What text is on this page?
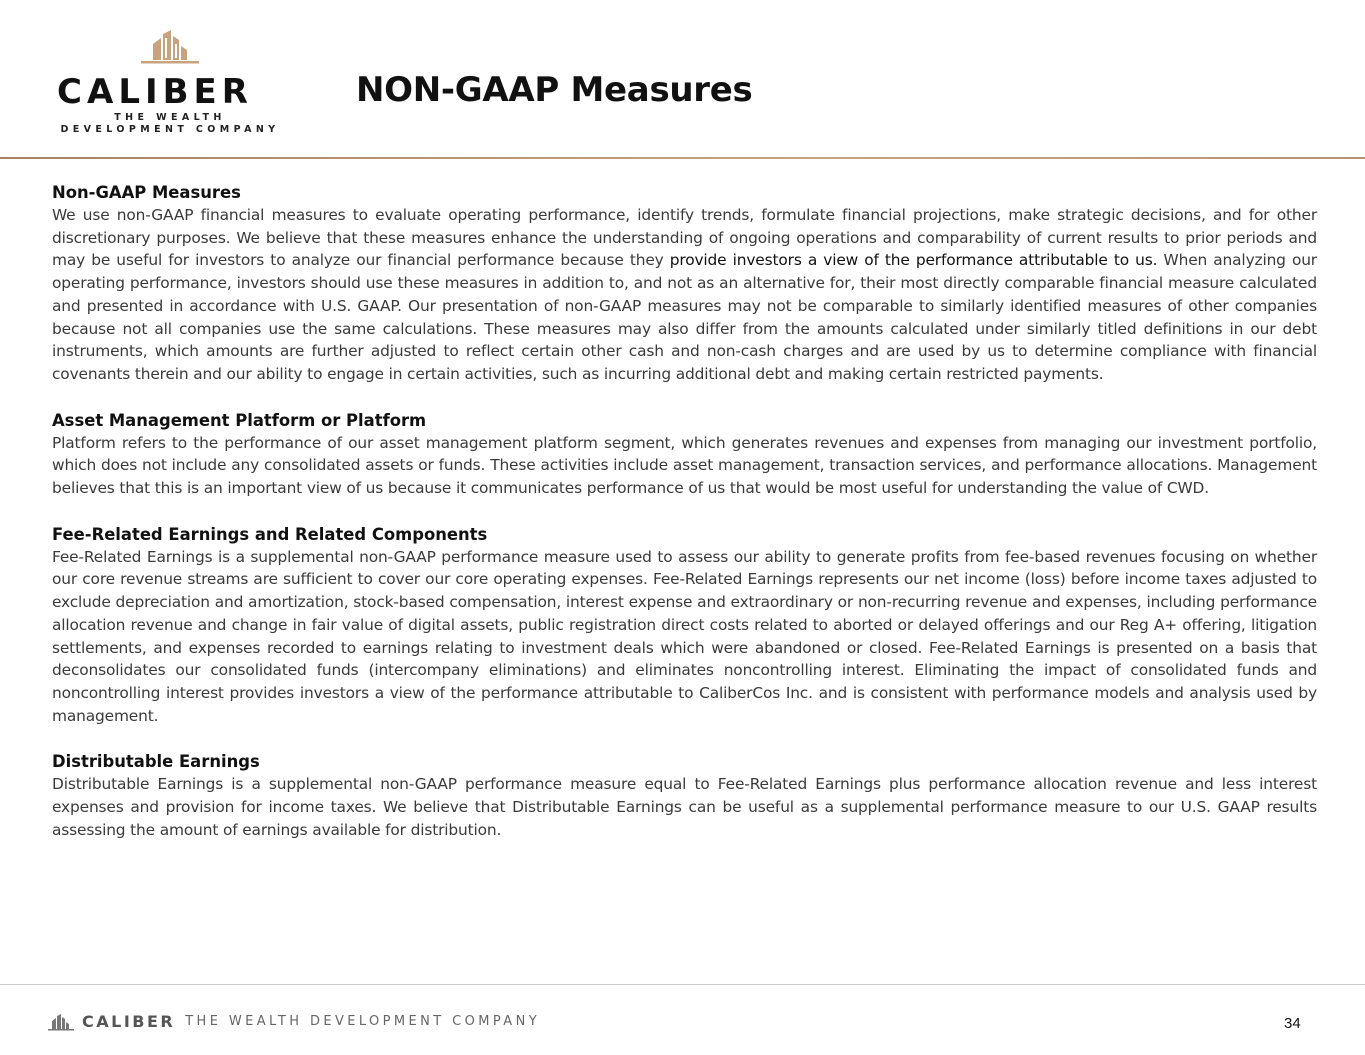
CALIBER
THE WEALTH DEVELOPMENT COMPANY
NON-GAAP Measures
Non-GAAP Measures

We use non-GAAP financial measures to evaluate operating performance, identify trends, formulate financial projections, make strategic decisions, and for other discretionary purposes. We believe that these measures enhance the understanding of ongoing operations and comparability of current results to prior periods and may be useful for investors to analyze our financial performance because they provide investors a view of the performance attributable to us. When analyzing our operating performance, investors should use these measures in addition to, and not as an alternative for, their most directly comparable financial measure calculated and presented in accordance with U.S. GAAP. Our presentation of non-GAAP measures may not be comparable to similarly identified measures of other companies because not all companies use the same calculations. These measures may also differ from the amounts calculated under similarly titled definitions in our debt instruments, which amounts are further adjusted to reflect certain other cash and non-cash charges and are used by us to determine compliance with financial covenants therein and our ability to engage in certain activities, such as incurring additional debt and making certain restricted payments.

Asset Management Platform or Platform

Platform refers to the performance of our asset management platform segment, which generates revenues and expenses from managing our investment portfolio, which does not include any consolidated assets or funds. These activities include asset management, transaction services, and performance allocations. Management believes that this is an important view of us because it communicates performance of us that would be most useful for understanding the value of CWD.

Fee-Related Earnings and Related Components

Fee-Related Earnings is a supplemental non-GAAP performance measure used to assess our ability to generate profits from fee-based revenues focusing on whether our core revenue streams are sufficient to cover our core operating expenses. Fee-Related Earnings represents our net income (loss) before income taxes adjusted to exclude depreciation and amortization, stock-based compensation, interest expense and extraordinary or non-recurring revenue and expenses, including performance allocation revenue and change in fair value of digital assets, public registration direct costs related to aborted or delayed offerings and our Reg A+ offering, litigation settlements, and expenses recorded to earnings relating to investment deals which were abandoned or closed. Fee-Related Earnings is presented on a basis that deconsolidates our consolidated funds (intercompany eliminations) and eliminates noncontrolling interest. Eliminating the impact of consolidated funds and noncontrolling interest provides investors a view of the performance attributable to CaliberCos Inc. and is consistent with performance models and analysis used by management.

Distributable Earnings

Distributable Earnings is a supplemental non-GAAP performance measure equal to Fee-Related Earnings plus performance allocation revenue and less interest expenses and provision for income taxes. We believe that Distributable Earnings can be useful as a supplemental performance measure to our U.S. GAAP results assessing the amount of earnings available for distribution.

CALIBER THE WEALTH DEVELOPMENT COMPANY	34
